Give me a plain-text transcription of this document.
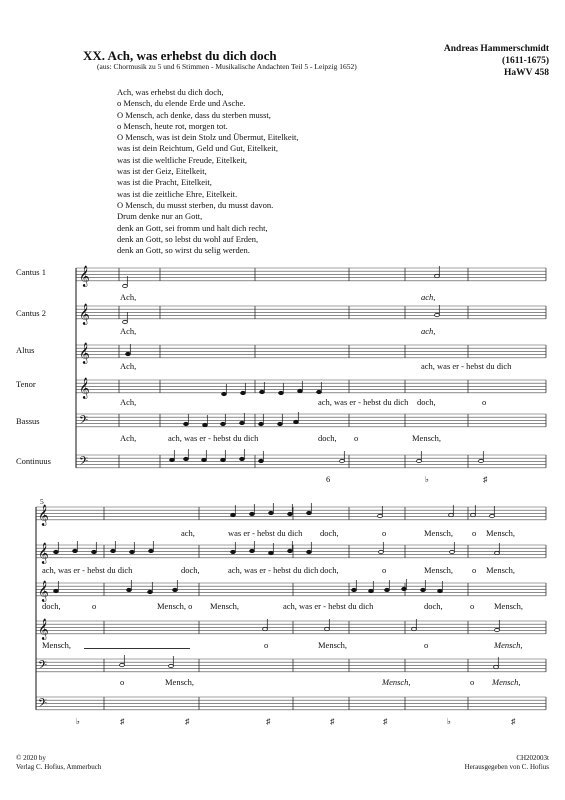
XX. Ach, was erhebst du dich doch
(aus: Chormusik zu 5 und 6 Stimmen - Musikalische Andachten Teil 5 - Leipzig 1652)
Andreas Hammerschmidt
(1611-1675)
HaWV 458
Ach, was erhebst du dich doch,
o Mensch, du elende Erde und Asche.
O Mensch, ach denke, dass du sterben musst,
o Mensch, heute rot, morgen tot.
O Mensch, was ist dein Stolz und Übermut, Eitelkeit,
was ist dein Reichtum, Geld und Gut, Eitelkeit,
was ist die weltliche Freude, Eitelkeit,
was ist der Geiz, Eitelkeit,
was ist die Pracht, Eitelkeit,
was ist die zeitliche Ehre, Eitelkeit.
O Mensch, du musst sterben, du musst davon.
Drum denke nur an Gott,
denk an Gott, sei fromm und halt dich recht,
denk an Gott, so lebst du wohl auf Erden,
denk an Gott, so wirst du selig werden.
Cantus 1
Cantus 2
Altus
Tenor
Bassus
Continuus
𝄞
𝄞
𝄞
𝄞
𝄢
𝄢
𝄞
𝄞
𝄞
𝄞
𝄢
𝄢
Ach,	ach,
Ach,	ach,
Ach,	ach, was er - hebst du dich
Ach,	ach, was er - hebst du dich doch,	o
Ach,	ach, was er - hebst du dich	doch, o	Mensch,
6	♭	♯
5
ach,	was er - hebst du dich doch,	o	Mensch, o Mensch,
ach, was er - hebst du dich	doch,	ach, was er - hebst du dich doch,	o	Mensch, o Mensch,
doch,	o	Mensch, o Mensch,	ach, was er - hebst du dich	doch,	o Mensch,
Mensch,	o	Mensch,	o	Mensch,
o	Mensch,	Mensch,	o Mensch,
♭	♯	♯	♯	♯	♯	♭	♯
© 2020 by
Verlag C. Hofius, Ammerbuch
CH202003t
Herausgegeben von C. Hofius
